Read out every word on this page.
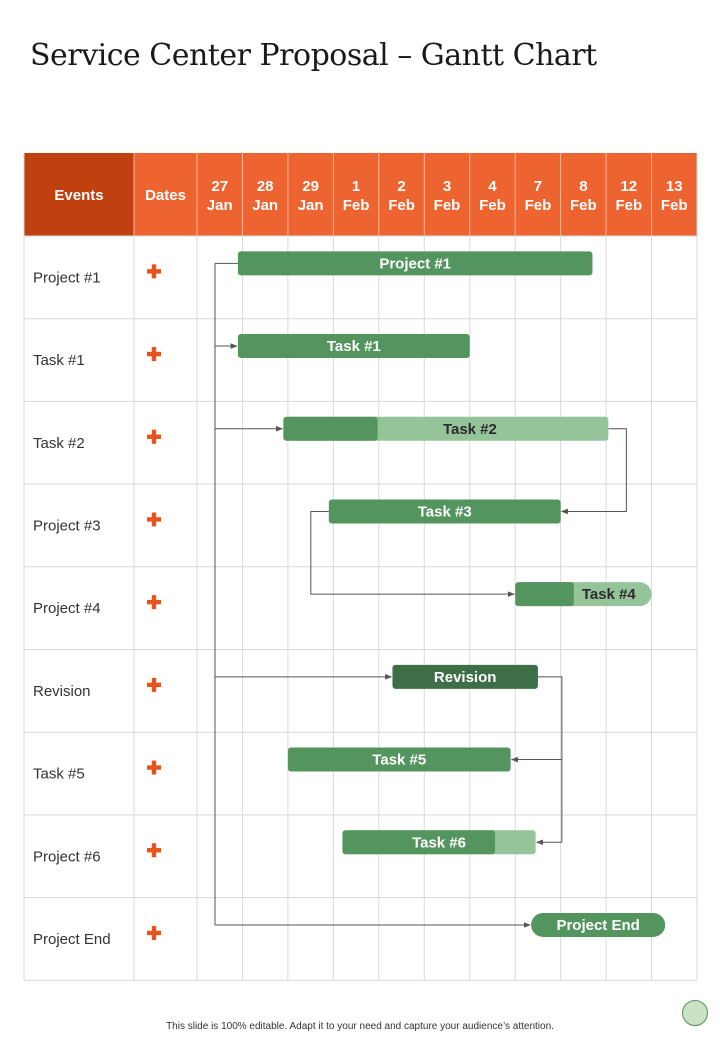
Service Center Proposal – Gantt Chart
Events	Dates
27
Jan
28
Jan
29
Jan
1
Feb
2
Feb
3
Feb
4
Feb
7
Feb
8
Feb
12
Feb
13
Feb
Project #1
Task #1
Task #2
Project #3
Project #4
Revision
Task #5
Project #6
Project End
Project #1
Task #1
Task #2
Task #3
Task #4
Revision
Task #5
Task #6
Project End
This slide is 100% editable. Adapt it to your need and capture your audience’s attention.
